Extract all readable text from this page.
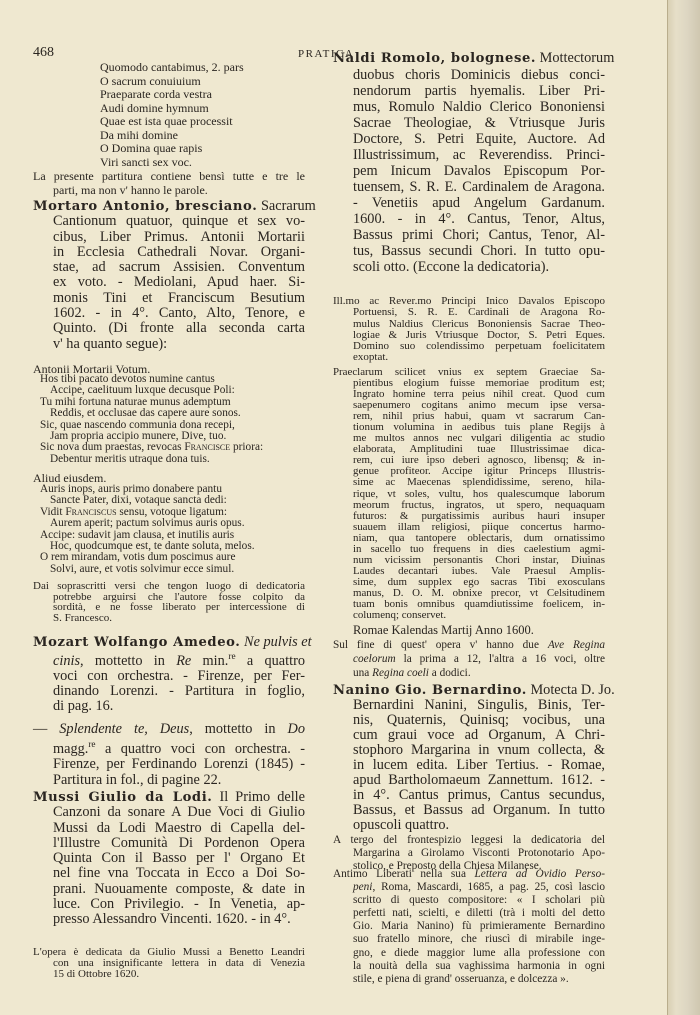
468	PRATICA
Quomodo cantabimus, 2. pars
O sacrum conuiuium
Praeparate corda vestra
Audi domine hymnum
Quae est ista quae processit
Da mihi domine
O Domina quae rapis
Viri sancti sex voc.
La presente partitura contiene bensì tutte e tre le
parti, ma non v' hanno le parole.
Mortaro Antonio, bresciano. Sacrarum
Cantionum quatuor, quinque et sex vo-
cibus, Liber Primus. Antonii Mortarii
in Ecclesia Cathedrali Novar. Organi-
stae, ad sacrum Assisien. Conventum
ex voto. - Mediolani, Apud haer. Si-
monis Tini et Franciscum Besutium
1602. - in 4°. Canto, Alto, Tenore, e
Quinto. (Di fronte alla seconda carta
v' ha quanto segue):
Antonii Mortarii Votum.
Hos tibi pacato devotos numine cantus
Accipe, caelituum luxque decusque Poli:
Tu mihi fortuna naturae munus ademptum
Reddis, et occlusae das capere aure sonos.
Sic, quae nascendo communia dona recepi,
Jam propria accipio munere, Dive, tuo.
Sic nova dum praestas, revocas Francisce priora:
Debentur meritis utraque dona tuis.
Aliud eiusdem.
Auris inops, auris primo donabere pantu
Sancte Pater, dixi, votaque sancta dedi:
Vidit Franciscus sensu, votoque ligatum:
Aurem aperit; pactum solvimus auris opus.
Accipe: sudavit jam clausa, et inutilis auris
Hoc, quodcumque est, te dante soluta, melos.
O rem mirandam, votis dum poscimus aure
Solvi, aure, et votis solvimur ecce simul.
Dai soprascritti versi che tengon luogo di dedicatoria
potrebbe arguirsi che l'autore fosse colpito da
sordità, e ne fosse liberato per intercessione di
S. Francesco.
Mozart Wolfango Amedeo. Ne pulvis et
cinis, mottetto in Re min.$^{re}$ a quattro
voci con orchestra. - Firenze, per Fer-
dinando Lorenzi. - Partitura in foglio,
di pag. 16.
— Splendente te, Deus, mottetto in Do
magg.$^{re}$ a quattro voci con orchestra. -
Firenze, per Ferdinando Lorenzi (1845) -
Partitura in fol., di pagine 22.
Mussi Giulio da Lodi. Il Primo delle
Canzoni da sonare A Due Voci di Giulio
Mussi da Lodi Maestro di Capella del-
l'Illustre Comunità Di Pordenon Opera
Quinta Con il Basso per l' Organo Et
nel fine vna Toccata in Ecco a Doi So-
prani. Nuouamente composte, & date in
luce. Con Privilegio. - In Venetia, ap-
presso Alessandro Vincenti. 1620. - in 4°.
L'opera è dedicata da Giulio Mussi a Benetto Leandri
con una insignificante lettera in data di Venezia
15 di Ottobre 1620.
Naldi Romolo, bolognese. Mottectorum
duobus choris Dominicis diebus conci-
nendorum partis hyemalis. Liber Pri-
mus, Romulo Naldio Clerico Bononiensi
Sacrae Theologiae, & Vtriusque Juris
Doctore, S. Petri Equite, Auctore. Ad
Illustrissimum, ac Reverendiss. Princi-
pem Inicum Davalos Episcopum Por-
tuensem, S. R. E. Cardinalem de Aragona.
- Venetiis apud Angelum Gardanum.
1600. - in 4°. Cantus, Tenor, Altus,
Bassus primi Chori; Cantus, Tenor, Al-
tus, Bassus secundi Chori. In tutto opu-
scoli otto. (Eccone la dedicatoria).
Ill.mo ac Rever.mo Principi Inico Davalos Episcopo
Portuensi, S. R. E. Cardinali de Aragona Ro-
mulus Naldius Clericus Bononiensis Sacrae Theo-
logiae & Juris Vtriusque Doctor, S. Petri Eques.
Domino suo colendissimo perpetuam foelicitatem
exoptat.
Praeclarum scilicet vnius ex septem Graeciae Sa-
pientibus elogium fuisse memoriae proditum est;
Ingrato homine terra peius nihil creat. Quod cum
saepenumero cogitans animo mecum ipse versa-
rem, nihil prius habui, quam vt sacrarum Can-
tionum volumina in aedibus tuis plane Regijs à
me multos annos nec vulgari diligentia ac studio
elaborata, Amplitudini tuae Illustrissimae dica-
rem, cui iure ipso deberi agnosco, libensq; & in-
genue profiteor. Accipe igitur Princeps Illustris-
sime ac Maecenas splendidissime, sereno, hila-
rique, vt soles, vultu, hos qualescumque laborum
meorum fructus, ingratos, ut spero, nequaquam
futuros: & purgatissimis auribus hauri insuper
suauem illam religiosi, piique concertus harmo-
niam, qua tantopere oblectaris, dum ornatissimo
in sacello tuo frequens in dies caelestium agmi-
num vicissim personantis Chori instar, Diuinas
Laudes decantari iubes. Vale Praesul Amplis-
sime, dum supplex ego sacras Tibi exosculans
manus, D. O. M. obnixe precor, vt Celsitudinem
tuam bonis omnibus quamdiutissime foelicem, in-
columenq; conservet.
Romae Kalendas Martij Anno 1600.
Sul fine di quest' opera v' hanno due Ave Regina
coelorum la prima a 12, l'altra a 16 voci, oltre
una Regina coeli a dodici.
Nanino Gio. Bernardino. Motecta D. Jo.
Bernardini Nanini, Singulis, Binis, Ter-
nis, Quaternis, Quinisq; vocibus, una
cum graui voce ad Organum, A Chri-
stophoro Margarina in vnum collecta, &
in lucem edita. Liber Tertius. - Romae,
apud Bartholomaeum Zannettum. 1612. -
in 4°. Cantus primus, Cantus secundus,
Bassus, et Bassus ad Organum. In tutto
opuscoli quattro.
A tergo del frontespizio leggesi la dedicatoria del
Margarina a Girolamo Visconti Protonotario Apo-
stolico, e Preposto della Chiesa Milanese.
Antimo Liberati nella sua Lettera ad Ovidio Perso-
peni, Roma, Mascardi, 1685, a pag. 25, così lascio
scritto di questo compositore: « I scholari più
perfetti nati, scielti, e diletti (trà i molti del detto
Gio. Maria Nanino) fù primieramente Bernardino
suo fratello minore, che riuscì di mirabile inge-
gno, e diede maggior lume alla professione con
la nouità della sua vaghissima harmonia in ogni
stile, e piena di grand' osseruanza, e dolcezza ».
